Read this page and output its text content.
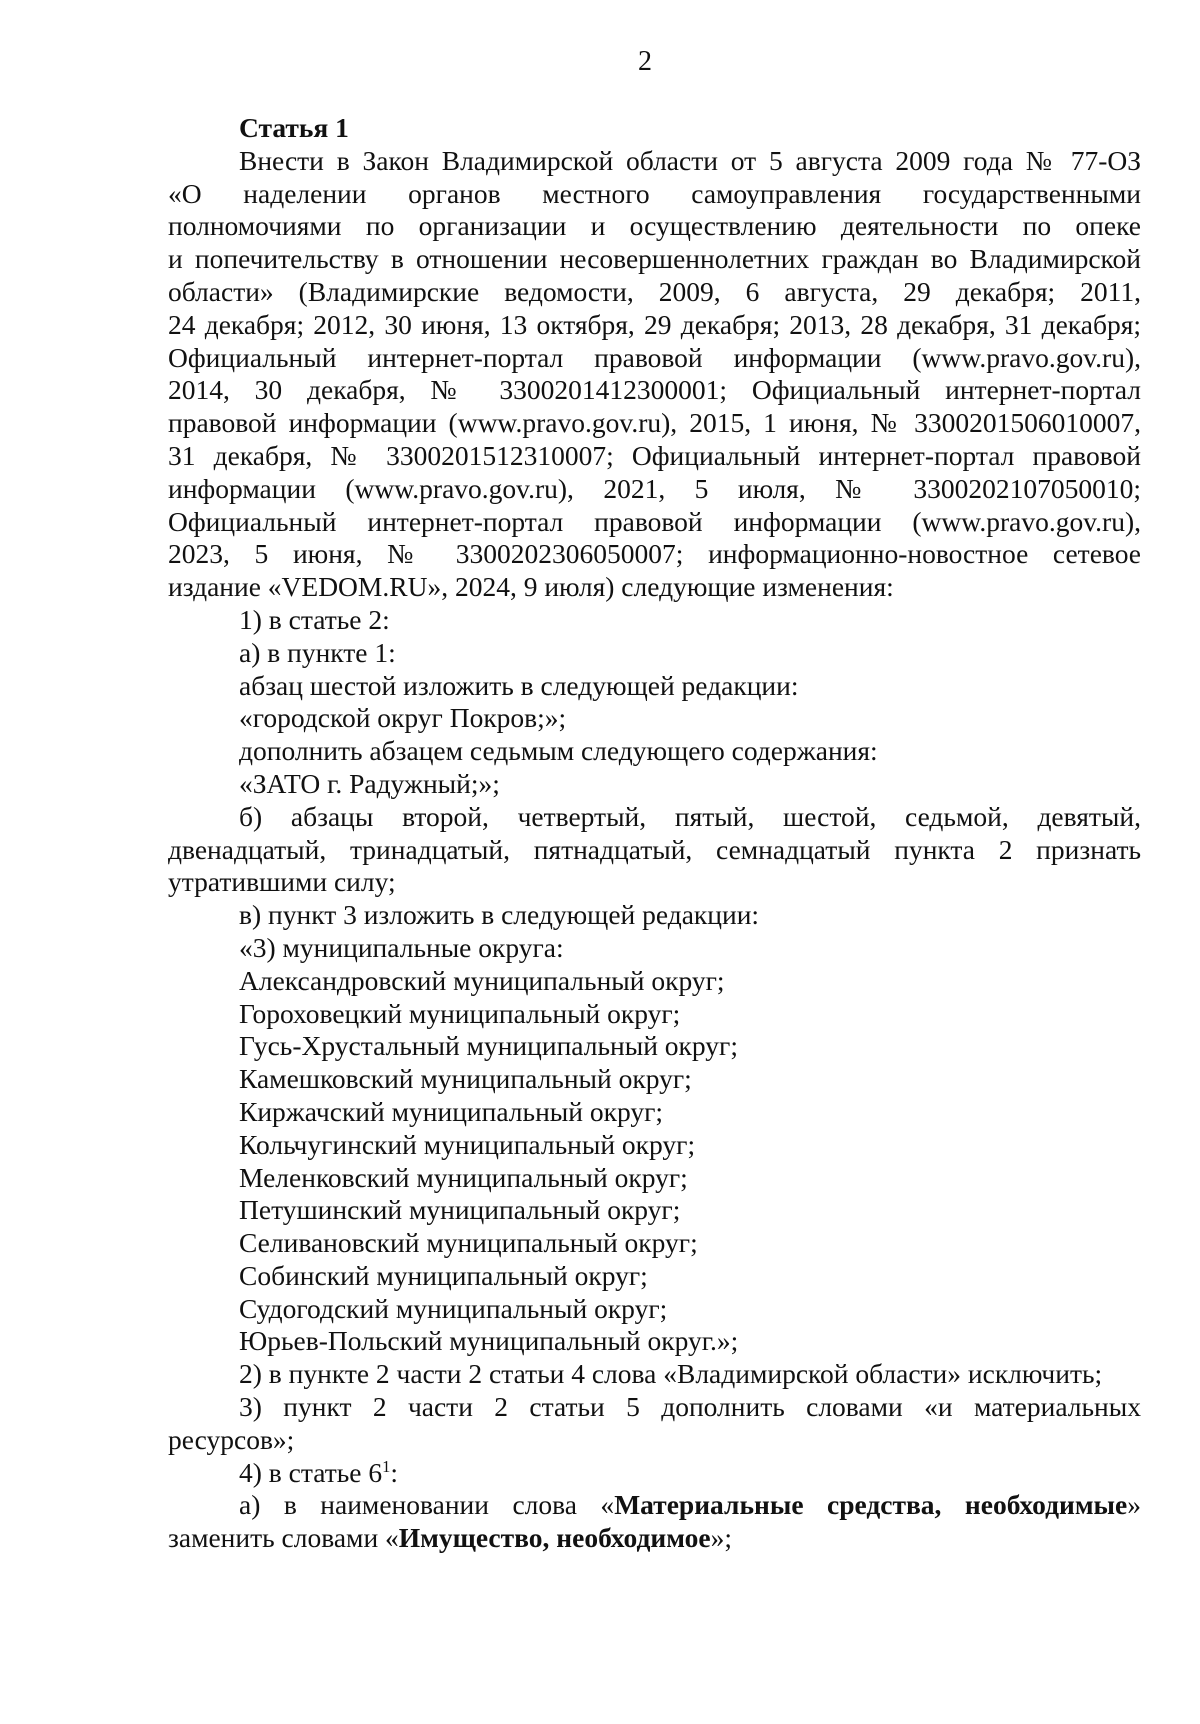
2

Статья 1

Внести в Закон Владимирской области от 5 августа 2009 года № 77-ОЗ
«О наделении органов местного самоуправления государственными
полномочиями по организации и осуществлению деятельности по опеке
и попечительству в отношении несовершеннолетних граждан во Владимирской
области» (Владимирские ведомости, 2009, 6 августа, 29 декабря; 2011,
24 декабря; 2012, 30 июня, 13 октября, 29 декабря; 2013, 28 декабря, 31 декабря;
Официальный интернет-портал правовой информации (www.pravo.gov.ru),
2014, 30 декабря, № 3300201412300001; Официальный интернет-портал
правовой информации (www.pravo.gov.ru), 2015, 1 июня, № 3300201506010007,
31 декабря, № 3300201512310007; Официальный интернет-портал правовой
информации (www.pravo.gov.ru), 2021, 5 июля, № 3300202107050010;
Официальный интернет-портал правовой информации (www.pravo.gov.ru),
2023, 5 июня, № 3300202306050007; информационно-новостное сетевое
издание «VEDOM.RU», 2024, 9 июля) следующие изменения:
1) в статье 2:
а) в пункте 1:
абзац шестой изложить в следующей редакции:
«городской округ Покров;»;
дополнить абзацем седьмым следующего содержания:
«ЗАТО г. Радужный;»;
б) абзацы второй, четвертый, пятый, шестой, седьмой, девятый,
двенадцатый, тринадцатый, пятнадцатый, семнадцатый пункта 2 признать
утратившими силу;
в) пункт 3 изложить в следующей редакции:
«3) муниципальные округа:
Александровский муниципальный округ;
Гороховецкий муниципальный округ;
Гусь-Хрустальный муниципальный округ;
Камешковский муниципальный округ;
Киржачский муниципальный округ;
Кольчугинский муниципальный округ;
Меленковский муниципальный округ;
Петушинский муниципальный округ;
Селивановский муниципальный округ;
Собинский муниципальный округ;
Судогодский муниципальный округ;
Юрьев-Польский муниципальный округ.»;
2) в пункте 2 части 2 статьи 4 слова «Владимирской области» исключить;
3) пункт 2 части 2 статьи 5 дополнить словами «и материальных
ресурсов»;
4) в статье $6^1$:
а) в наименовании слова «Материальные средства, необходимые»
заменить словами «Имущество, необходимое»;
